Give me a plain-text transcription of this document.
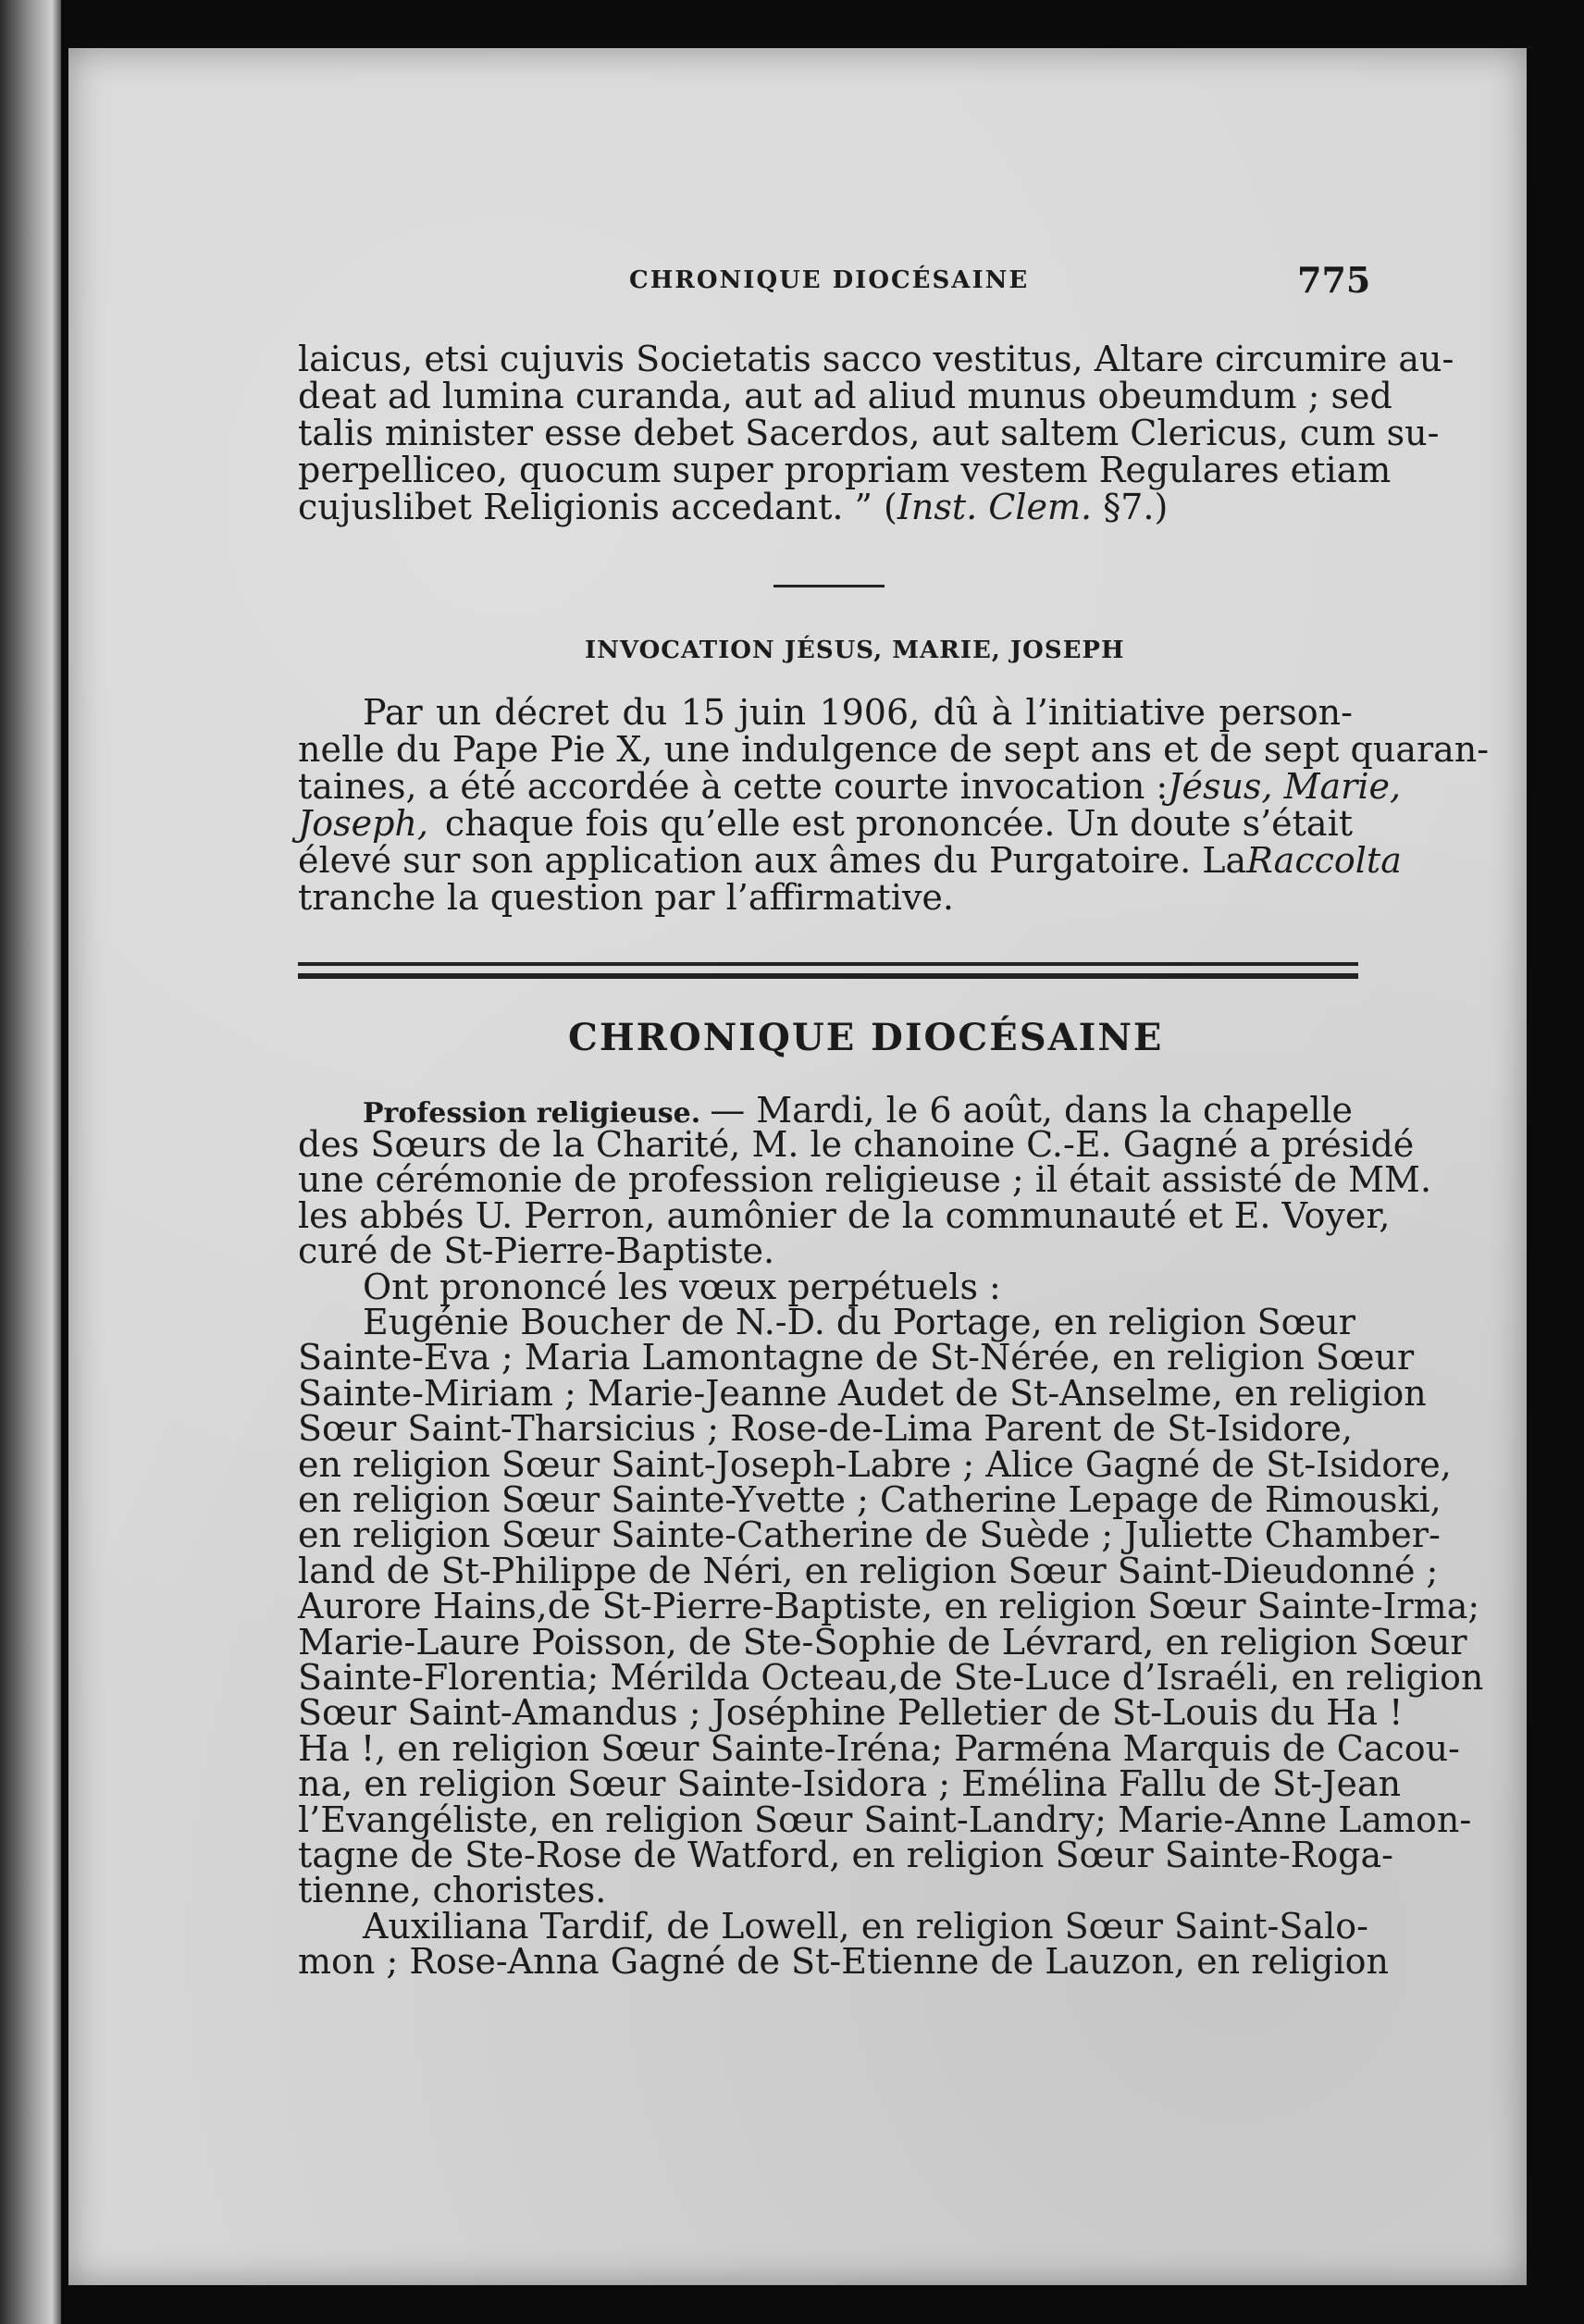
CHRONIQUE DIOCÉSAINE	775
laicus, etsi cujuvis Societatis sacco vestitus, Altare circumire au-
deat ad lumina curanda, aut ad aliud munus obeumdum ; sed
talis minister esse debet Sacerdos, aut saltem Clericus, cum su-
perpelliceo, quocum super propriam vestem Regulares etiam
cujuslibet Religionis accedant. ” (Inst. Clem. §7.)
INVOCATION JÉSUS, MARIE, JOSEPH
Par un décret du 15 juin 1906, dû à l’initiative person-
nelle du Pape Pie X, une indulgence de sept ans et de sept quaran-
taines, a été accordée à cette courte invocation : Jésus, Marie,
Joseph, chaque fois qu’elle est prononcée. Un doute s’était
élevé sur son application aux âmes du Purgatoire. La Raccolta
tranche la question par l’affirmative.
CHRONIQUE DIOCÉSAINE
Profession religieuse. — Mardi, le 6 août, dans la chapelle
des Sœurs de la Charité, M. le chanoine C.-E. Gagné a présidé
une cérémonie de profession religieuse ; il était assisté de MM.
les abbés U. Perron, aumônier de la communauté et E. Voyer,
curé de St-Pierre-Baptiste.
Ont prononcé les vœux perpétuels :
Eugénie Boucher de N.-D. du Portage, en religion Sœur
Sainte-Eva ; Maria Lamontagne de St-Nérée, en religion Sœur
Sainte-Miriam ; Marie-Jeanne Audet de St-Anselme, en religion
Sœur Saint-Tharsicius ; Rose-de-Lima Parent de St-Isidore,
en religion Sœur Saint-Joseph-Labre ; Alice Gagné de St-Isidore,
en religion Sœur Sainte-Yvette ; Catherine Lepage de Rimouski,
en religion Sœur Sainte-Catherine de Suède ; Juliette Chamber-
land de St-Philippe de Néri, en religion Sœur Saint-Dieudonné ;
Aurore Hains,de St-Pierre-Baptiste, en religion Sœur Sainte-Irma;
Marie-Laure Poisson, de Ste-Sophie de Lévrard, en religion Sœur
Sainte-Florentia; Mérilda Octeau,de Ste-Luce d’Israéli, en religion
Sœur Saint-Amandus ; Joséphine Pelletier de St-Louis du Ha !
Ha !, en religion Sœur Sainte-Iréna; Parména Marquis de Cacou-
na, en religion Sœur Sainte-Isidora ; Emélina Fallu de St-Jean
l’Evangéliste, en religion Sœur Saint-Landry; Marie-Anne Lamon-
tagne de Ste-Rose de Watford, en religion Sœur Sainte-Roga-
tienne, choristes.
Auxiliana Tardif, de Lowell, en religion Sœur Saint-Salo-
mon ; Rose-Anna Gagné de St-Etienne de Lauzon, en religion
